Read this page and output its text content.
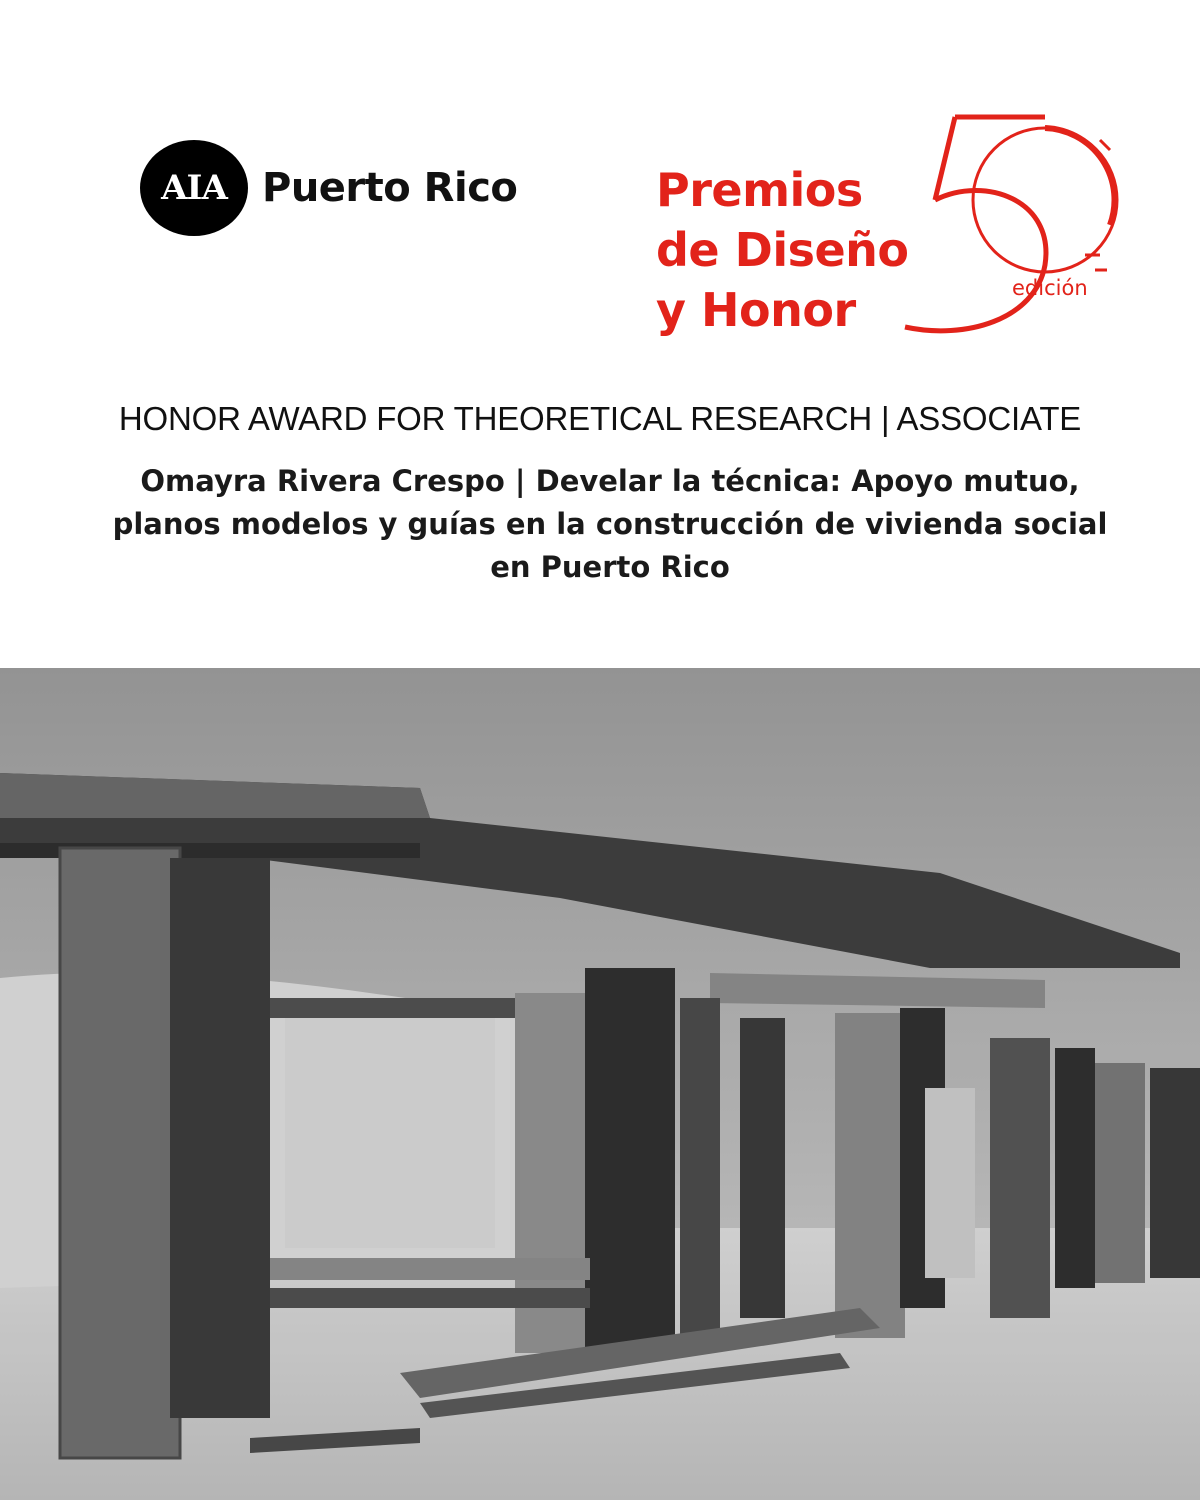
AIA Puerto Rico	Premios
de Diseño
y Honor	edición
HONOR AWARD FOR THEORETICAL RESEARCH | ASSOCIATE
Omayra Rivera Crespo | Develar la técnica: Apoyo mutuo,
planos modelos y guías en la construcción de vivienda social
en Puerto Rico
